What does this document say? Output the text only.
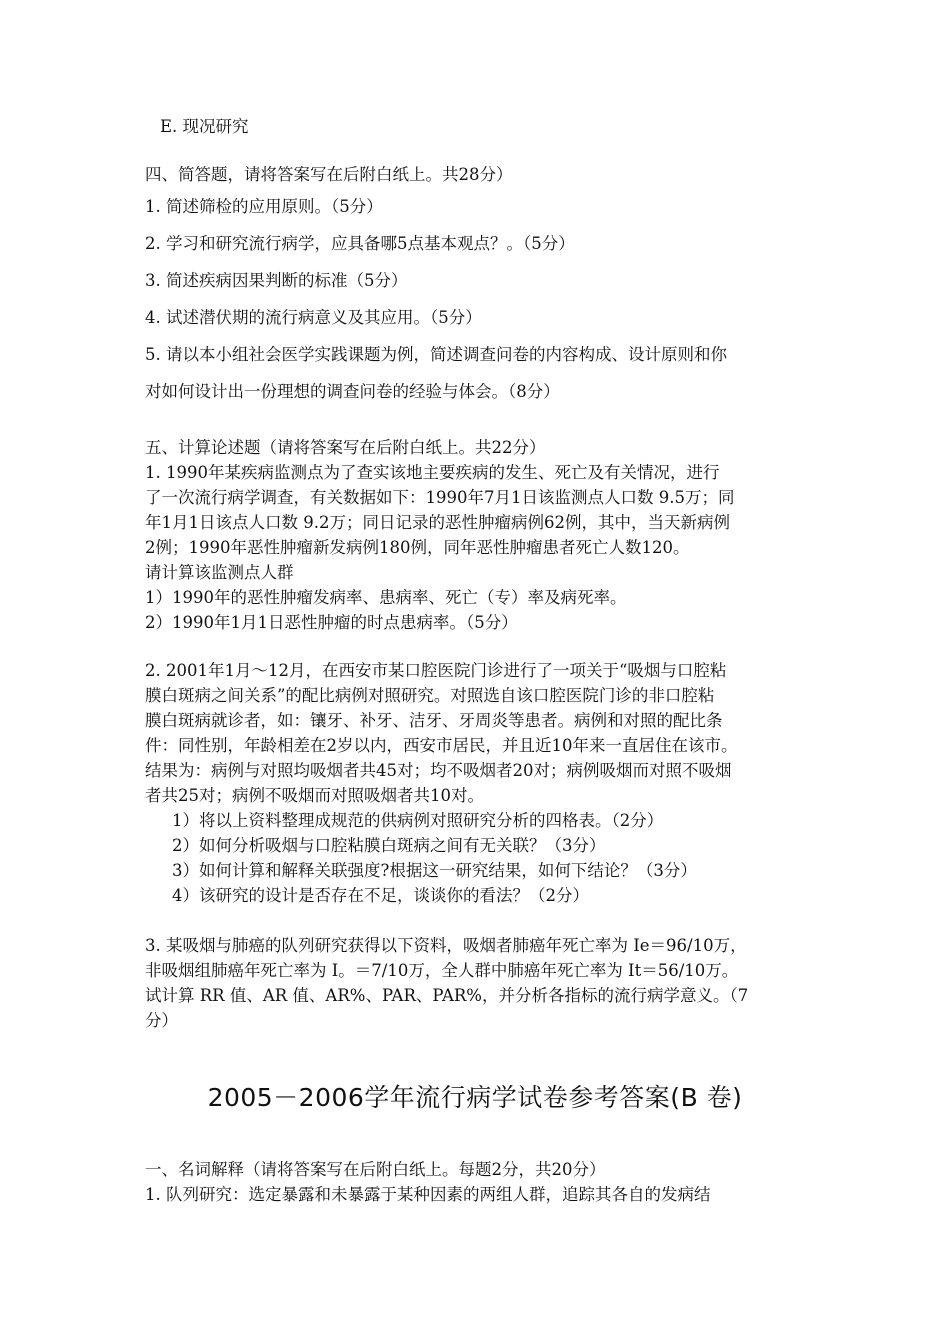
E. 现况研究
四、简答题，请将答案写在后附白纸上。共28分）
1. 简述筛检的应用原则。（5分）
2. 学习和研究流行病学，应具备哪5点基本观点？。（5分）
3. 简述疾病因果判断的标准（5分）
4. 试述潜伏期的流行病意义及其应用。（5分）
5. 请以本小组社会医学实践课题为例，简述调查问卷的内容构成、设计原则和你
对如何设计出一份理想的调查问卷的经验与体会。（8分）
五、计算论述题（请将答案写在后附白纸上。共22分）
1. 1990年某疾病监测点为了查实该地主要疾病的发生、死亡及有关情况，进行
了一次流行病学调查，有关数据如下：1990年7月1日该监测点人口数 9.5万；同
年1月1日该点人口数 9.2万；同日记录的恶性肿瘤病例62例，其中，当天新病例
2例；1990年恶性肿瘤新发病例180例，同年恶性肿瘤患者死亡人数120。
请计算该监测点人群
1）1990年的恶性肿瘤发病率、患病率、死亡（专）率及病死率。
2）1990年1月1日恶性肿瘤的时点患病率。（5分）
2. 2001年1月～12月，在西安市某口腔医院门诊进行了一项关于“吸烟与口腔粘
膜白斑病之间关系”的配比病例对照研究。对照选自该口腔医院门诊的非口腔粘
膜白斑病就诊者，如：镶牙、补牙、洁牙、牙周炎等患者。病例和对照的配比条
件：同性别，年龄相差在2岁以内，西安市居民，并且近10年来一直居住在该市。
结果为：病例与对照均吸烟者共45对；均不吸烟者20对；病例吸烟而对照不吸烟
者共25对；病例不吸烟而对照吸烟者共10对。
1）将以上资料整理成规范的供病例对照研究分析的四格表。（2分）
2）如何分析吸烟与口腔粘膜白斑病之间有无关联？（3分）
3）如何计算和解释关联强度?根据这一研究结果，如何下结论？（3分）
4）该研究的设计是否存在不足，谈谈你的看法？（2分）
3. 某吸烟与肺癌的队列研究获得以下资料，吸烟者肺癌年死亡率为 Ie＝96/10万，
非吸烟组肺癌年死亡率为 I。＝7/10万，全人群中肺癌年死亡率为 It＝56/10万。
试计算 RR 值、AR 值、AR%、PAR、PAR%，并分析各指标的流行病学意义。（7
分）
2005－2006学年流行病学试卷参考答案(B 卷)
一、名词解释（请将答案写在后附白纸上。每题2分，共20分）
1. 队列研究：选定暴露和未暴露于某种因素的两组人群，追踪其各自的发病结
